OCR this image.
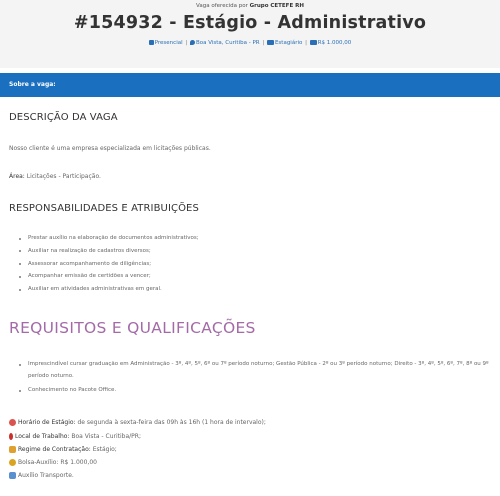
Vaga oferecida por Grupo CETEFE RH
#154932 - Estágio - Administrativo
Presencial | Boa Vista, Curitiba - PR | Estagiário | R$ 1.000,00
Sobre a vaga:
DESCRIÇÃO DA VAGA
Nosso cliente é uma empresa especializada em licitações públicas.
Área: Licitações - Participação.
RESPONSABILIDADES E ATRIBUIÇÕES
Prestar auxílio na elaboração de documentos administrativos;
Auxiliar na realização de cadastros diversos;
Assessorar acompanhamento de diligências;
Acompanhar emissão de certidões a vencer;
Auxiliar em atividades administrativas em geral.
REQUISITOS E QUALIFICAÇÕES
Imprescindível cursar graduação em Administração - 3º, 4º, 5º, 6º ou 7º período noturno; Gestão Pública - 2º ou 3º período noturno; Direito - 3º, 4º, 5º, 6º, 7º, 8º ou 9º período noturno.
Conhecimento no Pacote Office.
Horário de Estágio: de segunda à sexta-feira das 09h às 16h (1 hora de intervalo);
Local de Trabalho: Boa Vista - Curitiba/PR;
Regime de Contratação: Estágio;
Bolsa-Auxílio: R$ 1.000,00
Auxílio Transporte.
